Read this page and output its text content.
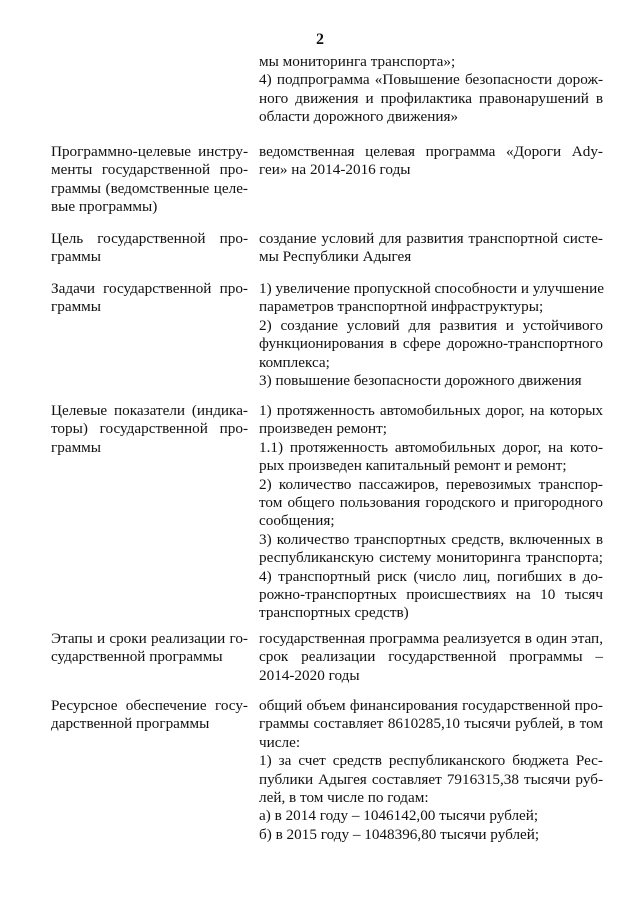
2
мы мониторинга транспорта»;
4) подпрограмма «Повышение безопасности дорож-
ного движения и профилактика правонарушений в
области дорожного движения»
Программно-целевые инстру-
менты государственной про-
граммы (ведомственные целе-
вые программы)
ведомственная целевая программа «Дороги Ady-
геи» на 2014-2016 годы
Цель государственной про-
граммы
создание условий для развития транспортной систе-
мы Республики Адыгея
Задачи государственной про-
граммы
1) увеличение пропускной способности и улучшение
параметров транспортной инфраструктуры;
2) создание условий для развития и устойчивого
функционирования в сфере дорожно-транспортного
комплекса;
3) повышение безопасности дорожного движения
Целевые показатели (индика-
торы) государственной про-
граммы
1) протяженность автомобильных дорог, на которых
произведен ремонт;
1.1) протяженность автомобильных дорог, на кото-
рых произведен капитальный ремонт и ремонт;
2) количество пассажиров, перевозимых транспор-
том общего пользования городского и пригородного
сообщения;
3) количество транспортных средств, включенных в
республиканскую систему мониторинга транспорта;
4) транспортный риск (число лиц, погибших в до-
рожно-транспортных происшествиях на 10 тысяч
транспортных средств)
Этапы и сроки реализации го-
сударственной программы
государственная программа реализуется в один этап,
срок реализации государственной программы –
2014-2020 годы
Ресурсное обеспечение госу-
дарственной программы
общий объем финансирования государственной про-
граммы составляет 8610285,10 тысячи рублей, в том
числе:
1) за счет средств республиканского бюджета Рес-
публики Адыгея составляет 7916315,38 тысячи руб-
лей, в том числе по годам:
а) в 2014 году – 1046142,00 тысячи рублей;
б) в 2015 году – 1048396,80 тысячи рублей;
